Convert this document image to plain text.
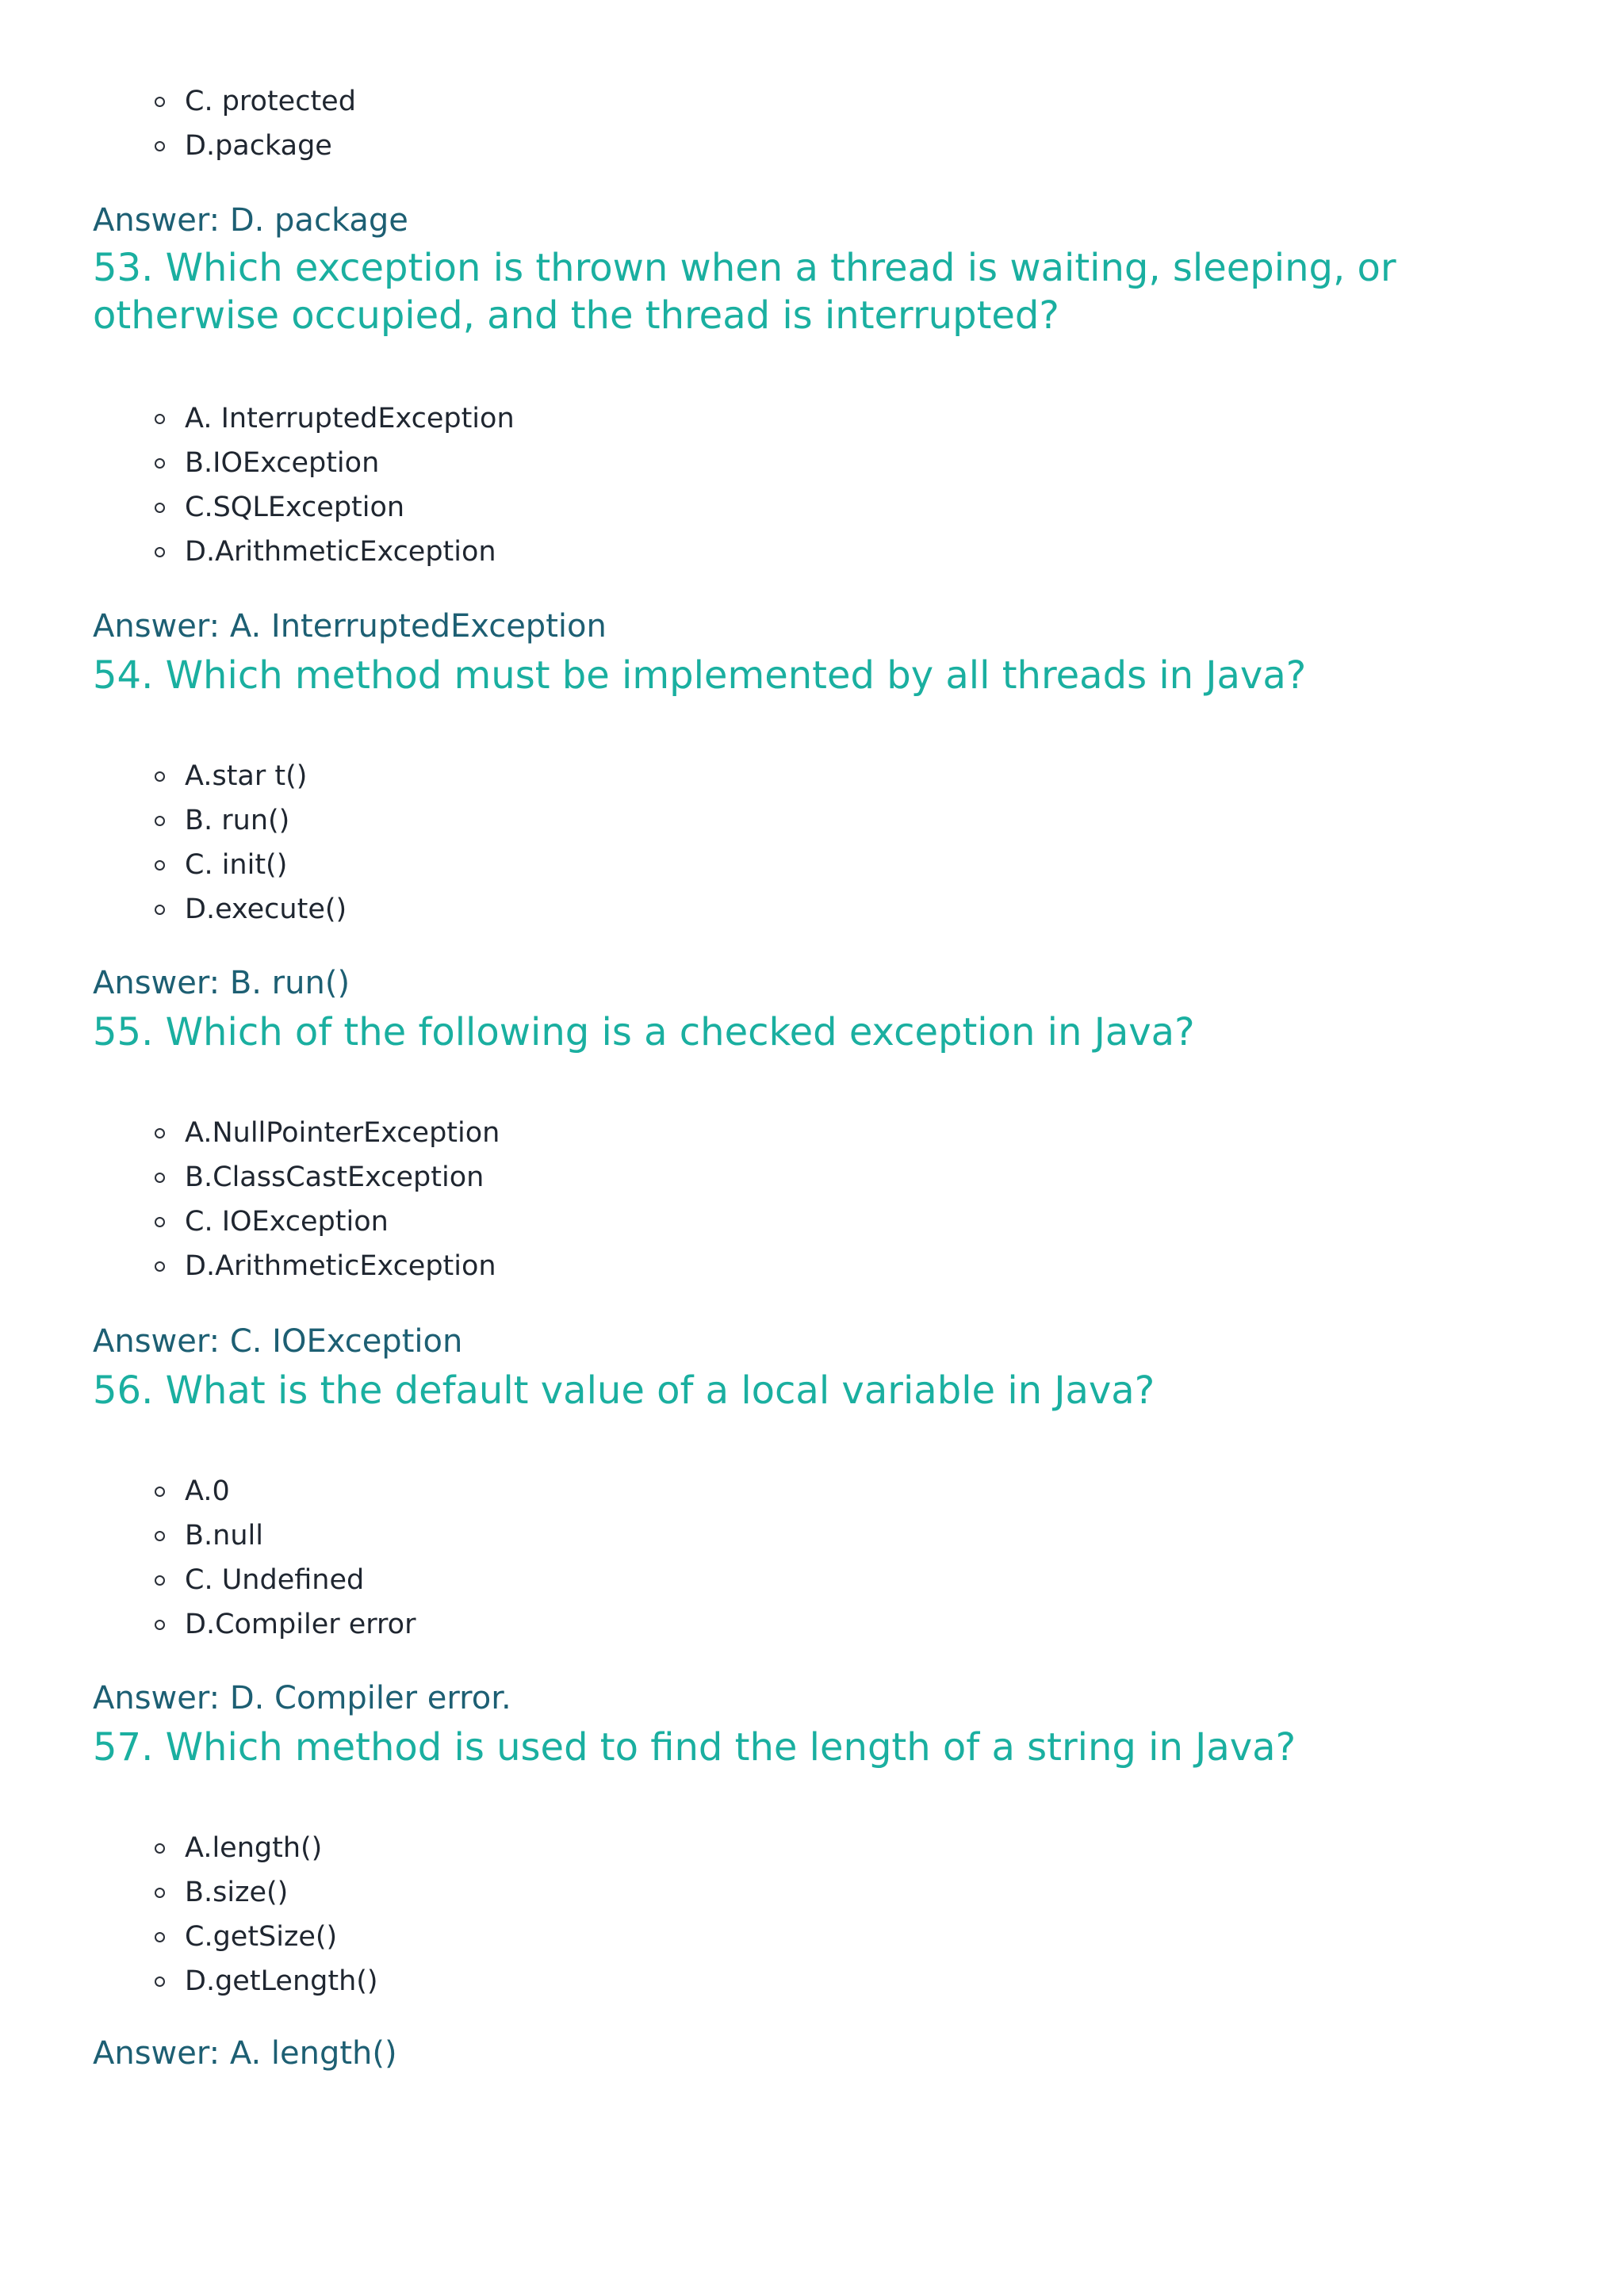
C. protected
D.package
Answer: D. package
53. Which exception is thrown when a thread is waiting, sleeping, or otherwise occupied, and the thread is interrupted?
A. InterruptedException
B.IOException
C.SQLException
D.ArithmeticException
Answer: A. InterruptedException
54. Which method must be implemented by all threads in Java?
A.star t()
B. run()
C. init()
D.execute()
Answer: B. run()
55. Which of the following is a checked exception in Java?
A.NullPointerException
B.ClassCastException
C. IOException
D.ArithmeticException
Answer: C. IOException
56. What is the default value of a local variable in Java?
A.0
B.null
C. Undefined
D.Compiler error
Answer: D. Compiler error.
57. Which method is used to find the length of a string in Java?
A.length()
B.size()
C.getSize()
D.getLength()
Answer: A. length()
